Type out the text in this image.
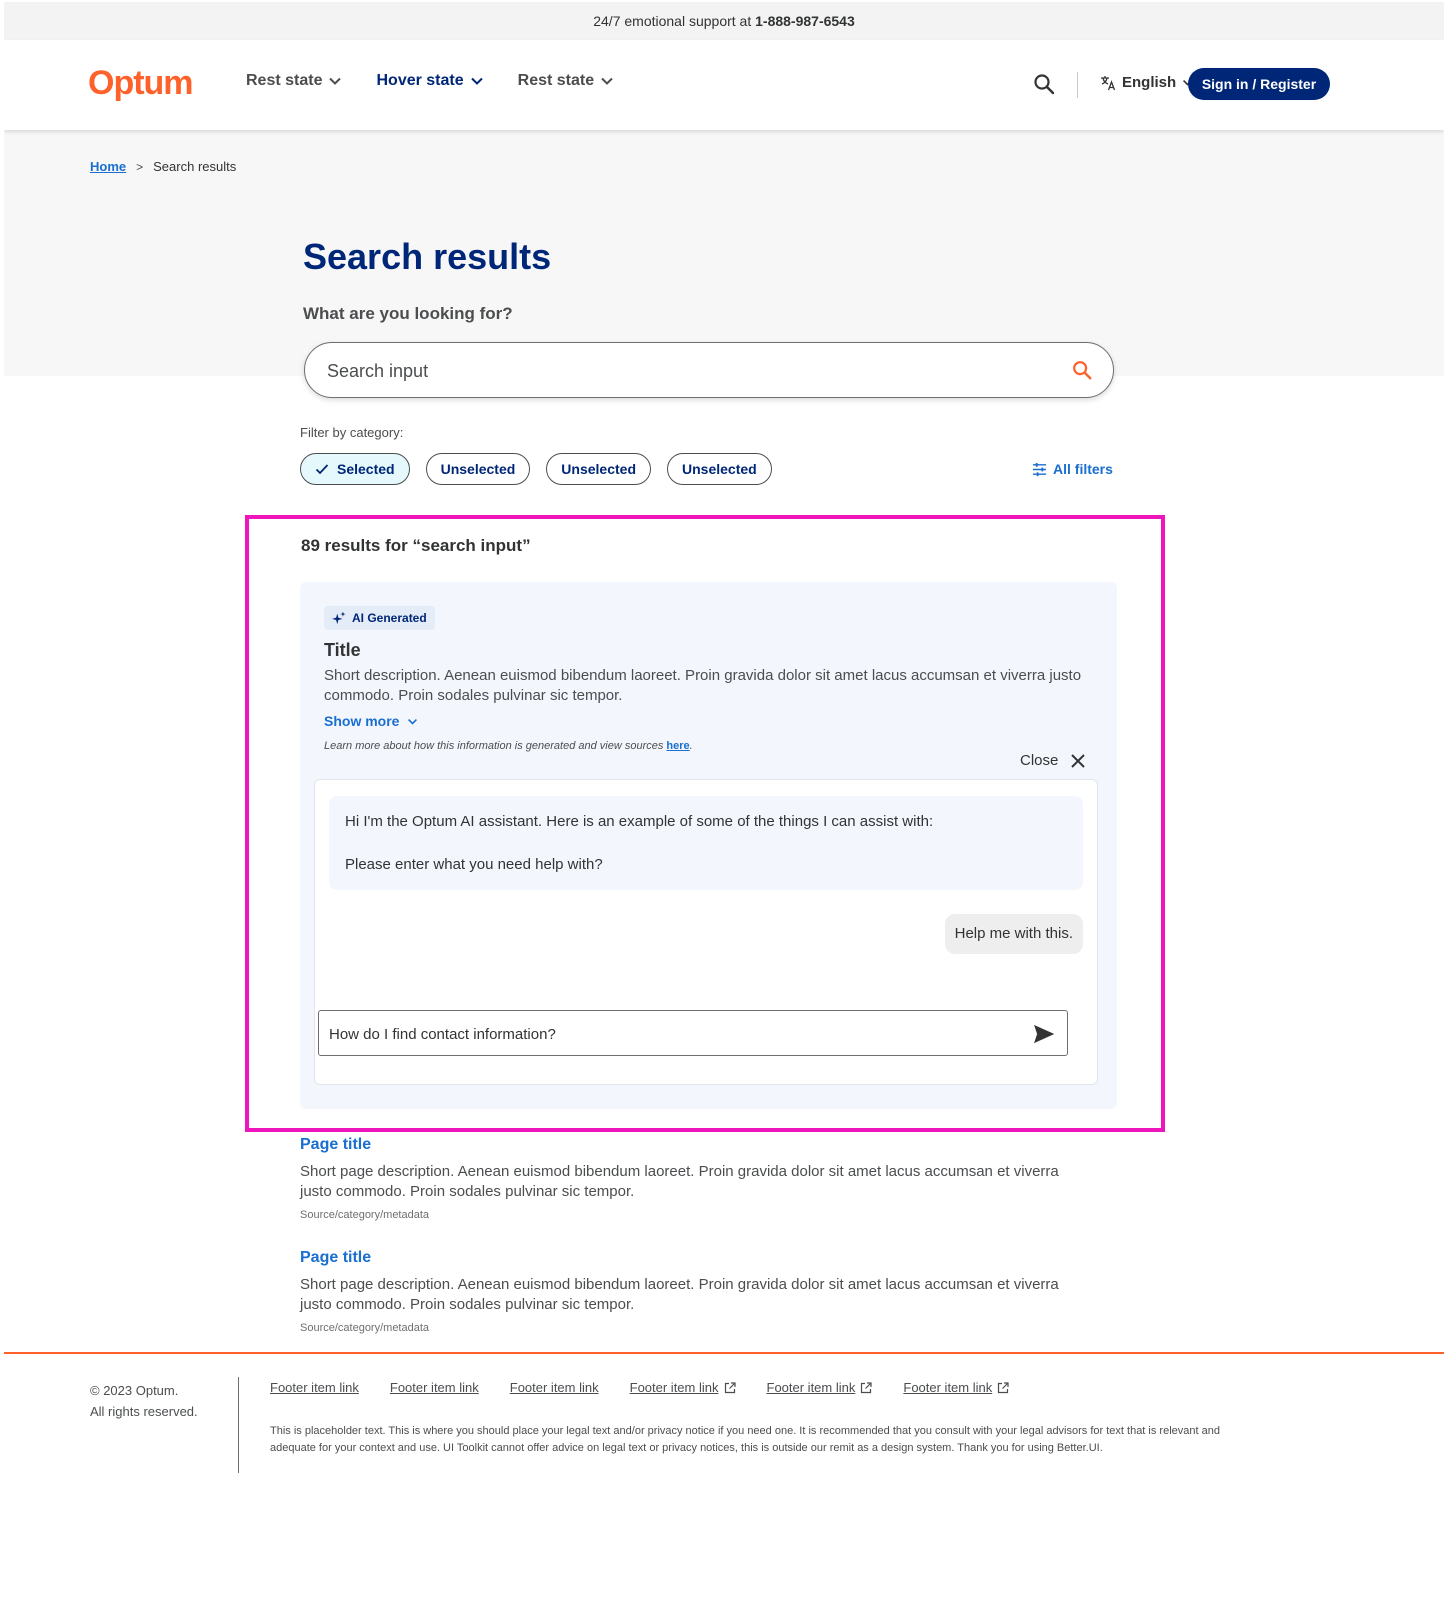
24/7 emotional support at 1-888-987-6543
Optum	Rest state	Hover state	Rest state	English	Sign in / Register
Home > Search results
Search results
What are you looking for?
Search input
Filter by category:
Selected	Unselected	Unselected	Unselected	All filters
89 results for “search input”
AI Generated
Title
Short description. Aenean euismod bibendum laoreet. Proin gravida dolor sit amet lacus accumsan et viverra justo commodo. Proin sodales pulvinar sic tempor.
Show more
Learn more about how this information is generated and view sources here.
Close
Hi I'm the Optum AI assistant. Here is an example of some of the things I can assist with:
Please enter what you need help with?
Help me with this.
How do I find contact information?
Page title
Short page description. Aenean euismod bibendum laoreet. Proin gravida dolor sit amet lacus accumsan et viverra justo commodo. Proin sodales pulvinar sic tempor.
Source/category/metadata
Page title
Short page description. Aenean euismod bibendum laoreet. Proin gravida dolor sit amet lacus accumsan et viverra justo commodo. Proin sodales pulvinar sic tempor.
Source/category/metadata
© 2023 Optum.
All rights reserved.
Footer item link Footer item link Footer item link Footer item link	Footer item link	Footer item link
This is placeholder text. This is where you should place your legal text and/or privacy notice if you need one. It is recommended that you consult with your legal advisors for text that is relevant and adequate for your context and use. UI Toolkit cannot offer advice on legal text or privacy notices, this is outside our remit as a design system. Thank you for using Better.UI.
